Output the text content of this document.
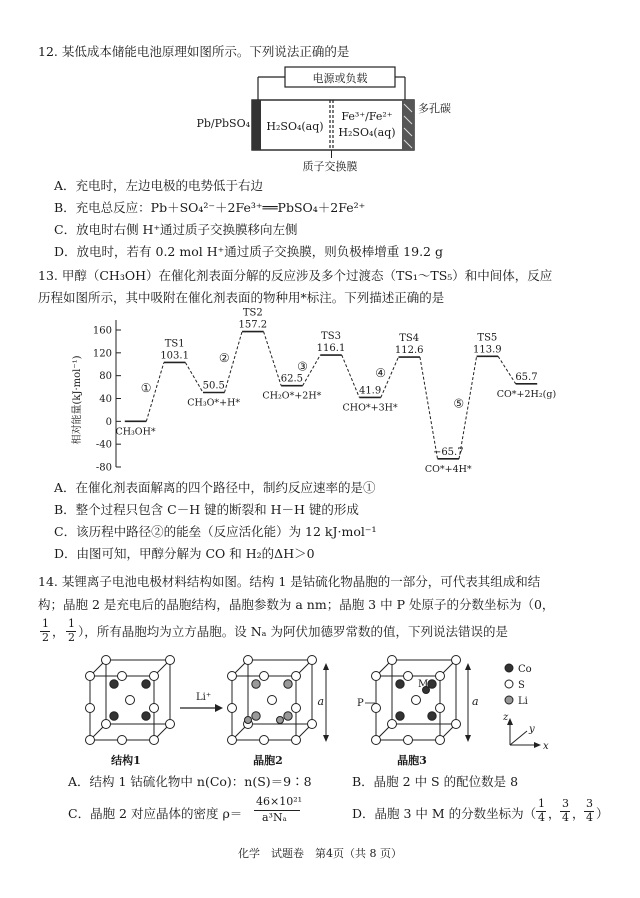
12. 某低成本储能电池原理如图所示。下列说法正确的是
Pb/PbSO₄ H₂SO₄(aq)
Fe³⁺/Fe²⁺
H₂SO₄(aq)
多孔碳
电源或负载
质子交换膜
A．充电时，左边电极的电势低于右边
B．充电总反应：Pb＋SO₄²⁻＋2Fe³⁺══PbSO₄＋2Fe²⁺
C．放电时右侧 H⁺通过质子交换膜移向左侧
D．放电时，若有 0.2 mol H⁺通过质子交换膜，则负极棒增重 19.2 g
13. 甲醇（CH₃OH）在催化剂表面分解的反应涉及多个过渡态（TS₁～TS₅）和中间体，反应
历程如图所示，其中吸附在催化剂表面的物种用*标注。下列描述正确的是
160
120
80
40
0
-40
-80
CH₃OH*
TS1
103.1
50.5
CH₃O*+H*
TS2
157.2
62.5
CH₂O*+2H*
TS3
116.1
41.9
CHO*+3H*
TS4
112.6
−65.7
CO*+4H*
TS5
113.9
65.7
CO*+2H₂(g)
①
②
③	④
⑤
相对能量(kJ·mol⁻¹)
A．在催化剂表面解离的四个路径中，制约反应速率的是①
B．整个过程只包含 C－H 键的断裂和 H－H 键的形成
C．该历程中路径②的能垒（反应活化能）为 12 kJ·mol⁻¹
D．由图可知，甲醇分解为 CO 和 H₂的ΔH＞0
14. 某锂离子电池电极材料结构如图。结构 1 是钴硫化物晶胞的一部分，可代表其组成和结
构；晶胞 2 是充电后的晶胞结构，晶胞参数为 a nm；晶胞 3 中 P 处原子的分数坐标为（0，
1
2 ，
1
2 ），所有晶胞均为立方晶胞。设 Nₐ 为阿伏加德罗常数的值，下列说法错误的是
Li⁺	a	a
P
M
Co
S
Li
z
y
x
结构1	晶胞2	晶胞3
A．结构 1 钴硫化物中 n(Co)：n(S)＝9∶8	B．晶胞 2 中 S 的配位数是 8
C．晶胞 2 对应晶体的密度 ρ＝
46×10²¹
a³Nₐ	D．晶胞 3 中 M 的分数坐标为（
1
4 ，
3
4 ，
3
4 ）
化学　试题卷　第4页（共 8 页）
